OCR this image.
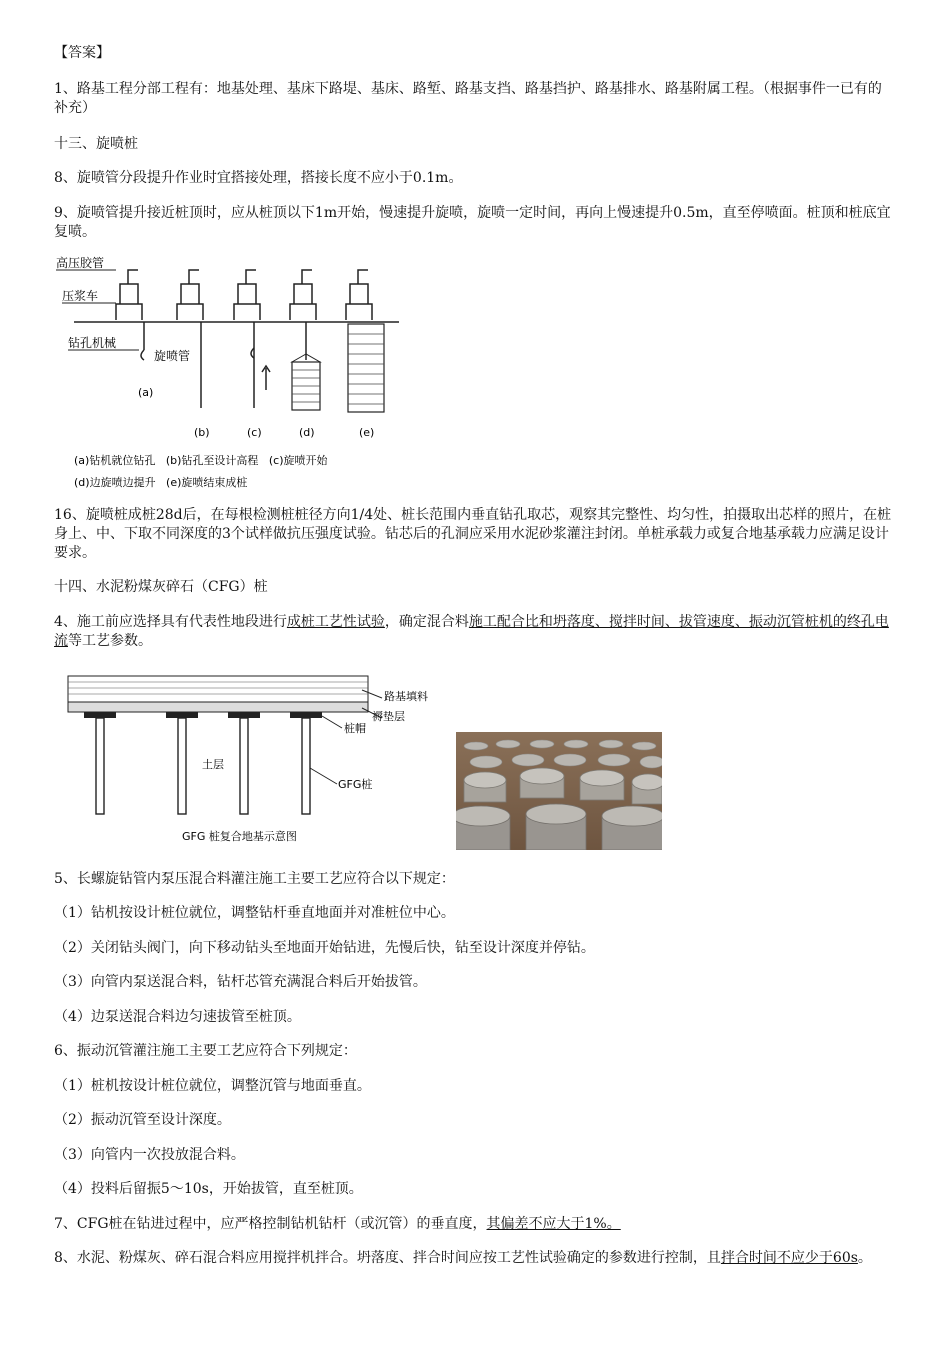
【答案】

1、路基工程分部工程有：地基处理、基床下路堤、基床、路堑、路基支挡、路基挡护、路基排水、路基附属工程。（根据事件一已有的补充）

十三、旋喷桩

8、旋喷管分段提升作业时宜搭接处理，搭接长度不应小于0.1m。

9、旋喷管提升接近桩顶时，应从桩顶以下1m开始，慢速提升旋喷，旋喷一定时间，再向上慢速提升0.5m，直至停喷面。桩顶和桩底宜复喷。

高压胶管
压浆车
钻孔机械
旋喷管
(a)
(b)	(c)	(d)	(e)
(a)钻机就位钻孔   (b)钻孔至设计高程   (c)旋喷开始
(d)边旋喷边提升   (e)旋喷结束成桩

16、旋喷桩成桩28d后，在每根检测桩桩径方向1/4处、桩长范围内垂直钻孔取芯，观察其完整性、均匀性，拍摄取出芯样的照片，在桩身上、中、下取不同深度的3个试样做抗压强度试验。钻芯后的孔洞应采用水泥砂浆灌注封闭。单桩承载力或复合地基承载力应满足设计要求。

十四、水泥粉煤灰碎石（CFG）桩

4、施工前应选择具有代表性地段进行成桩工艺性试验，确定混合料施工配合比和坍落度、搅拌时间、拔管速度、振动沉管桩机的终孔电流等工艺参数。

路基填料
褥垫层
桩帽
土层
GFG桩
GFG 桩复合地基示意图
5、长螺旋钻管内泵压混合料灌注施工主要工艺应符合以下规定：
（1）钻机按设计桩位就位，调整钻杆垂直地面并对准桩位中心。
（2）关闭钻头阀门，向下移动钻头至地面开始钻进，先慢后快，钻至设计深度并停钻。
（3）向管内泵送混合料，钻杆芯管充满混合料后开始拔管。
（4）边泵送混合料边匀速拔管至桩顶。
6、振动沉管灌注施工主要工艺应符合下列规定：
（1）桩机按设计桩位就位，调整沉管与地面垂直。
（2）振动沉管至设计深度。
（3）向管内一次投放混合料。
（4）投料后留振5～10s，开始拔管，直至桩顶。

7、CFG桩在钻进过程中，应严格控制钻机钻杆（或沉管）的垂直度，其偏差不应大于1%。

8、水泥、粉煤灰、碎石混合料应用搅拌机拌合。坍落度、拌合时间应按工艺性试验确定的参数进行控制，且拌合时间不应少于60s。
